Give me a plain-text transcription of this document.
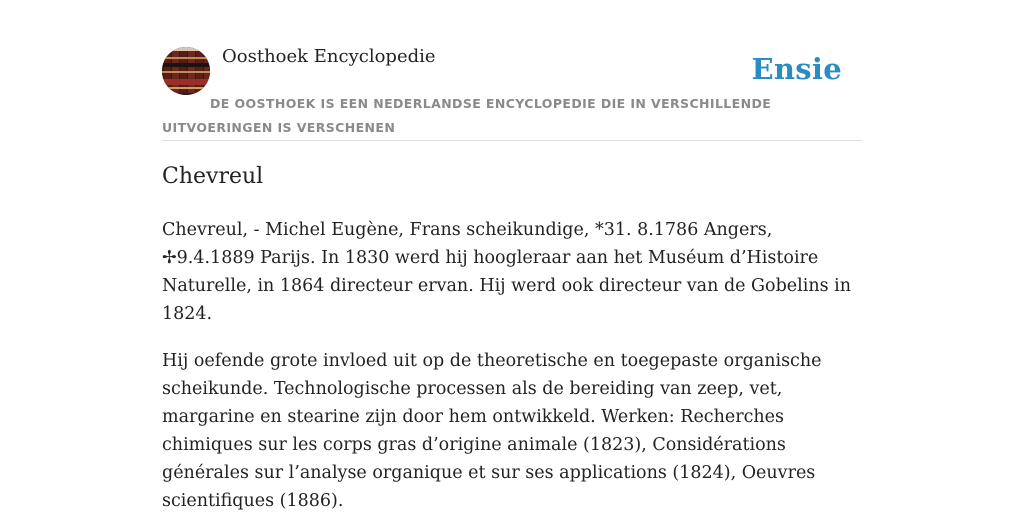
Oosthoek Encyclopedie	Ensie
DE OOSTHOEK IS EEN NEDERLANDSE ENCYCLOPEDIE DIE IN VERSCHILLENDE UITVOERINGEN IS VERSCHENEN
Chevreul

Chevreul, - Michel Eugène, Frans scheikundige, *31. 8.1786 Angers, ✢9.4.1889 Parijs. In 1830 werd hij hoogleraar aan het Muséum d’Histoire Naturelle, in 1864 directeur ervan. Hij werd ook directeur van de Gobelins in 1824.

Hij oefende grote invloed uit op de theoretische en toegepaste organische scheikunde. Technologische processen als de bereiding van zeep, vet, margarine en stearine zijn door hem ontwikkeld. Werken: Recherches chimiques sur les corps gras d’origine animale (1823), Considérations générales sur l’analyse organique et sur ses applications (1824), Oeuvres scientifiques (1886).
